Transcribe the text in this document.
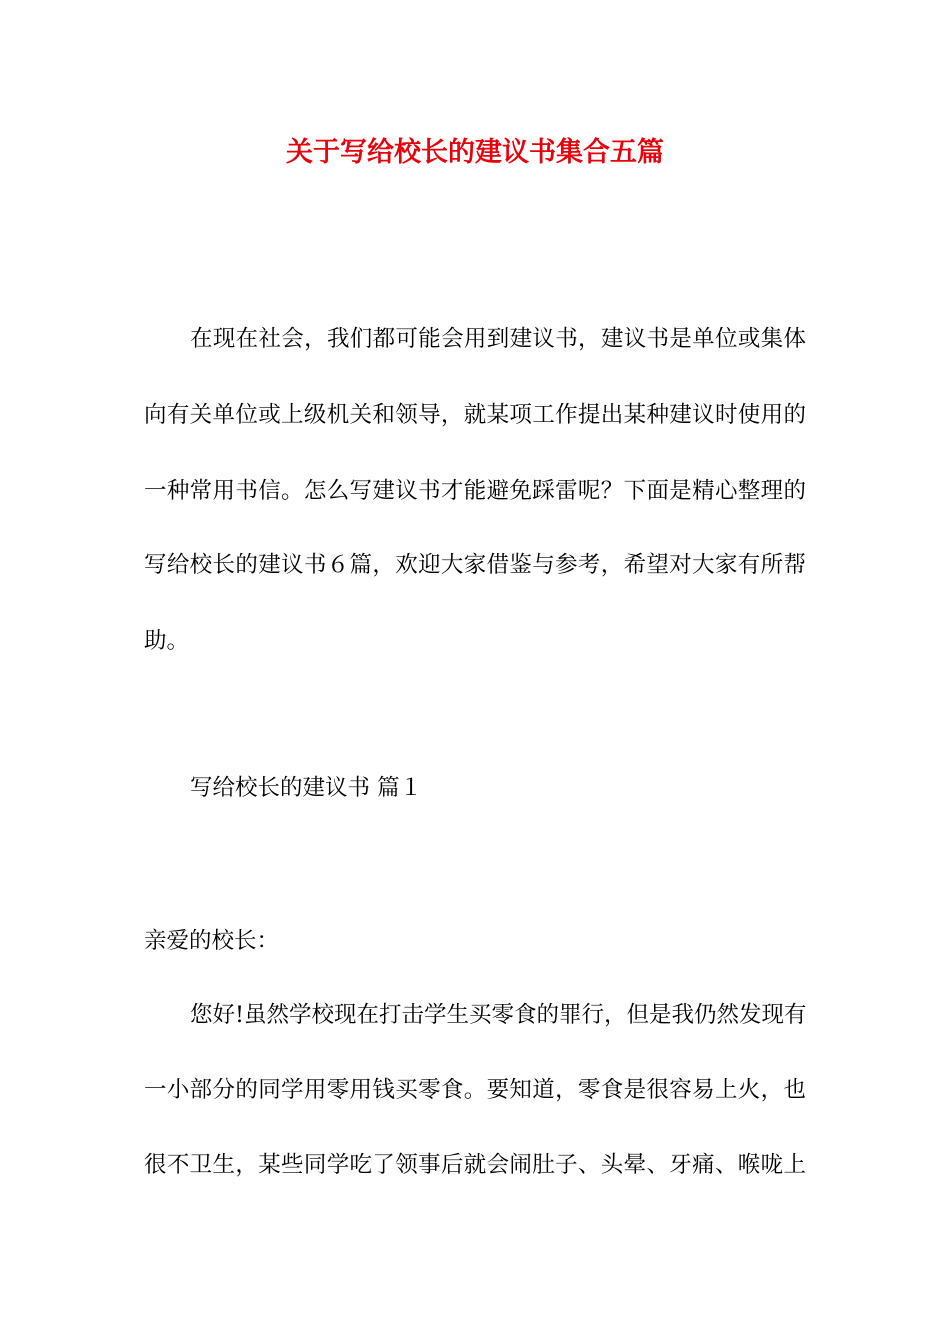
关于写给校长的建议书集合五篇
在现在社会，我们都可能会用到建议书，建议书是单位或集体
向有关单位或上级机关和领导，就某项工作提出某种建议时使用的
一种常用书信。怎么写建议书才能避免踩雷呢？下面是精心整理的
写给校长的建议书６篇，欢迎大家借鉴与参考，希望对大家有所帮
助。
写给校长的建议书 篇１
亲爱的校长：
您好!虽然学校现在打击学生买零食的罪行，但是我仍然发现有
一小部分的同学用零用钱买零食。要知道，零食是很容易上火，也
很不卫生，某些同学吃了领事后就会闹肚子、头晕、牙痛、喉咙上
